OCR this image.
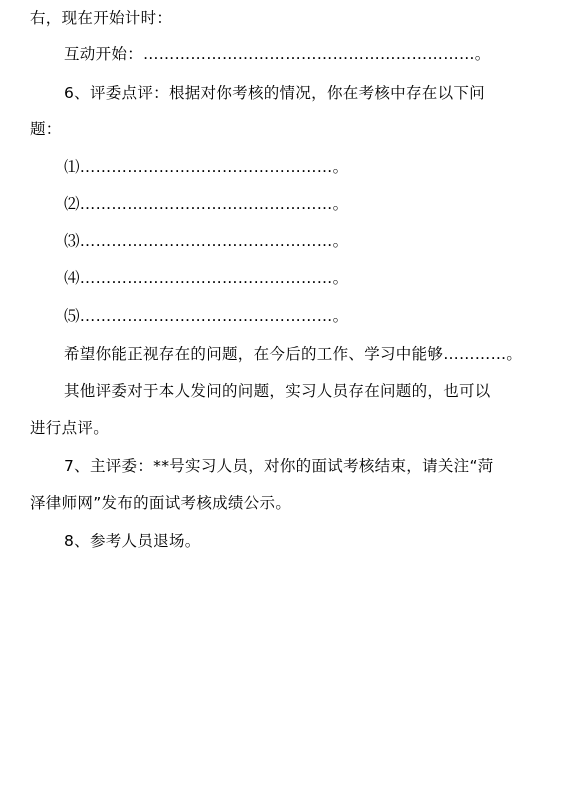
右，现在开始计时：
互动开始：………………………………………………………。
6、评委点评：根据对你考核的情况，你在考核中存在以下问
题：
⑴…………………………………………。
⑵…………………………………………。
⑶…………………………………………。
⑷…………………………………………。
⑸…………………………………………。
希望你能正视存在的问题，在今后的工作、学习中能够…………。
其他评委对于本人发问的问题，实习人员存在问题的，也可以
进行点评。
7、主评委：**号实习人员，对你的面试考核结束，请关注“菏
泽律师网”发布的面试考核成绩公示。
8、参考人员退场。
